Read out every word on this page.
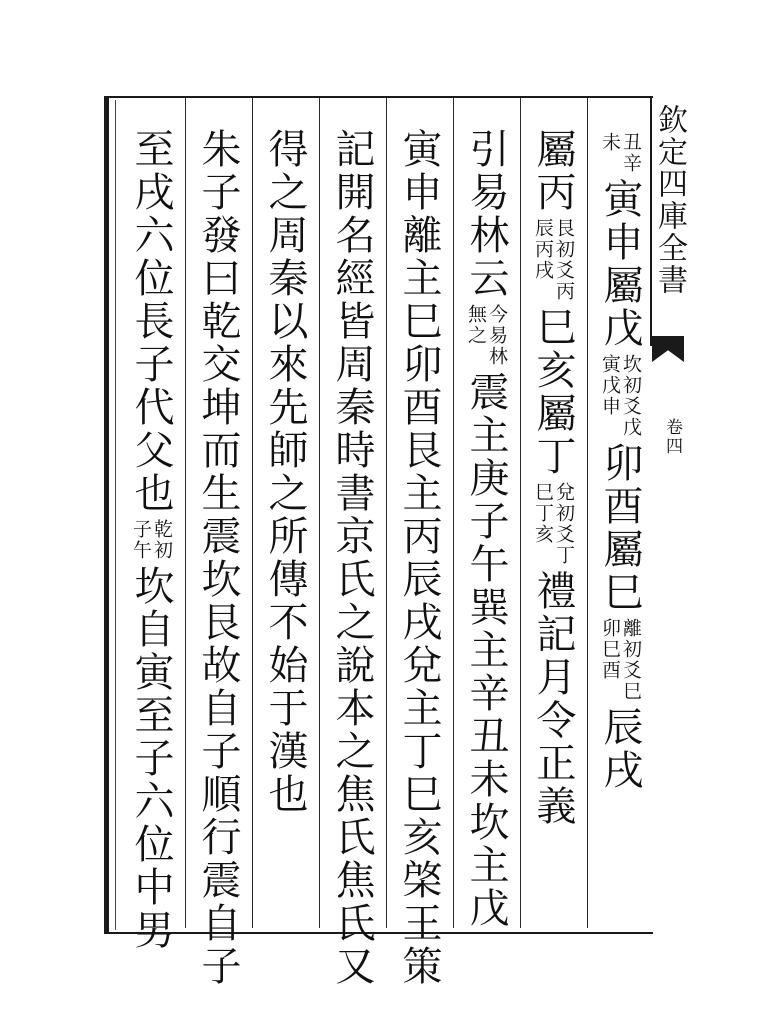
欽定四庫全書
卷四
丑辛
未
寅申屬戊
坎初爻戊
寅戊申
卯酉屬巳
離初爻巳
卯巳酉
辰戌
屬丙
艮初爻丙
辰丙戌
巳亥屬丁
兌初爻丁
巳丁亥
禮記月令正義
引易林云
今易林
無之
震主庚子午巽主辛丑未坎主戊
寅申離主巳卯酉艮主丙辰戌兌主丁巳亥棨王策
記開名經皆周秦時書京氏之說本之焦氏焦氏又
得之周秦以來先師之所傳不始于漢也
朱子發曰乾交坤而生震坎艮故自子順行震自子
至戌六位長子代父也
乾初
子午
坎自寅至子六位中男
